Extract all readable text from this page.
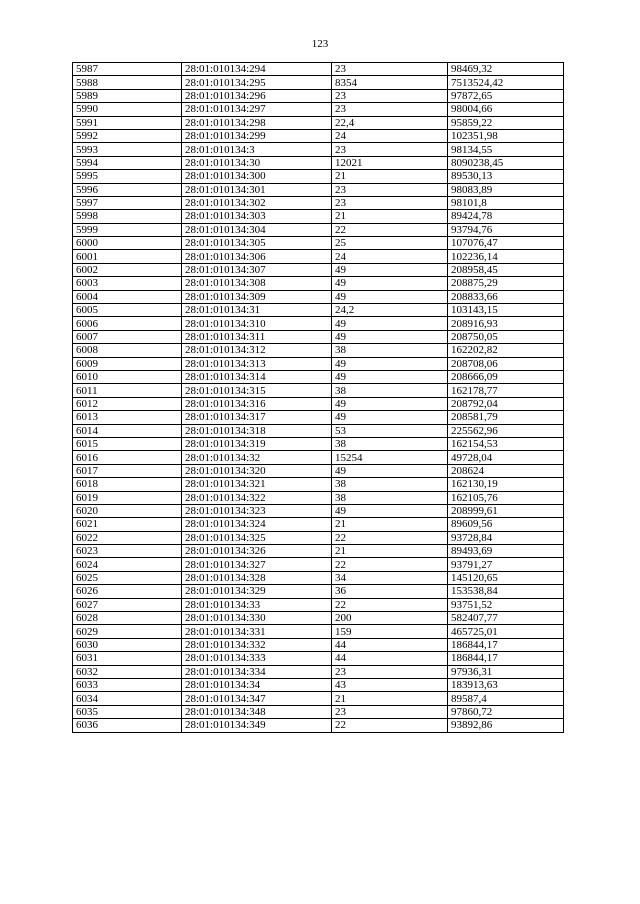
123
5987	28:01:010134:294	23	98469,32
5988	28:01:010134:295	8354	7513524,42
5989	28:01:010134:296	23	97872,65
5990	28:01:010134:297	23	98004,66
5991	28:01:010134:298	22,4	95859,22
5992	28:01:010134:299	24	102351,98
5993	28:01:010134:3	23	98134,55
5994	28:01:010134:30	12021	8090238,45
5995	28:01:010134:300	21	89530,13
5996	28:01:010134:301	23	98083,89
5997	28:01:010134:302	23	98101,8
5998	28:01:010134:303	21	89424,78
5999	28:01:010134:304	22	93794,76
6000	28:01:010134:305	25	107076,47
6001	28:01:010134:306	24	102236,14
6002	28:01:010134:307	49	208958,45
6003	28:01:010134:308	49	208875,29
6004	28:01:010134:309	49	208833,66
6005	28:01:010134:31	24,2	103143,15
6006	28:01:010134:310	49	208916,93
6007	28:01:010134:311	49	208750,05
6008	28:01:010134:312	38	162202,82
6009	28:01:010134:313	49	208708,06
6010	28:01:010134:314	49	208666,09
6011	28:01:010134:315	38	162178,77
6012	28:01:010134:316	49	208792,04
6013	28:01:010134:317	49	208581,79
6014	28:01:010134:318	53	225562,96
6015	28:01:010134:319	38	162154,53
6016	28:01:010134:32	15254	49728,04
6017	28:01:010134:320	49	208624
6018	28:01:010134:321	38	162130,19
6019	28:01:010134:322	38	162105,76
6020	28:01:010134:323	49	208999,61
6021	28:01:010134:324	21	89609,56
6022	28:01:010134:325	22	93728,84
6023	28:01:010134:326	21	89493,69
6024	28:01:010134:327	22	93791,27
6025	28:01:010134:328	34	145120,65
6026	28:01:010134:329	36	153538,84
6027	28:01:010134:33	22	93751,52
6028	28:01:010134:330	200	582407,77
6029	28:01:010134:331	159	465725,01
6030	28:01:010134:332	44	186844,17
6031	28:01:010134:333	44	186844,17
6032	28:01:010134:334	23	97936,31
6033	28:01:010134:34	43	183913,63
6034	28:01:010134:347	21	89587,4
6035	28:01:010134:348	23	97860,72
6036	28:01:010134:349	22	93892,86
